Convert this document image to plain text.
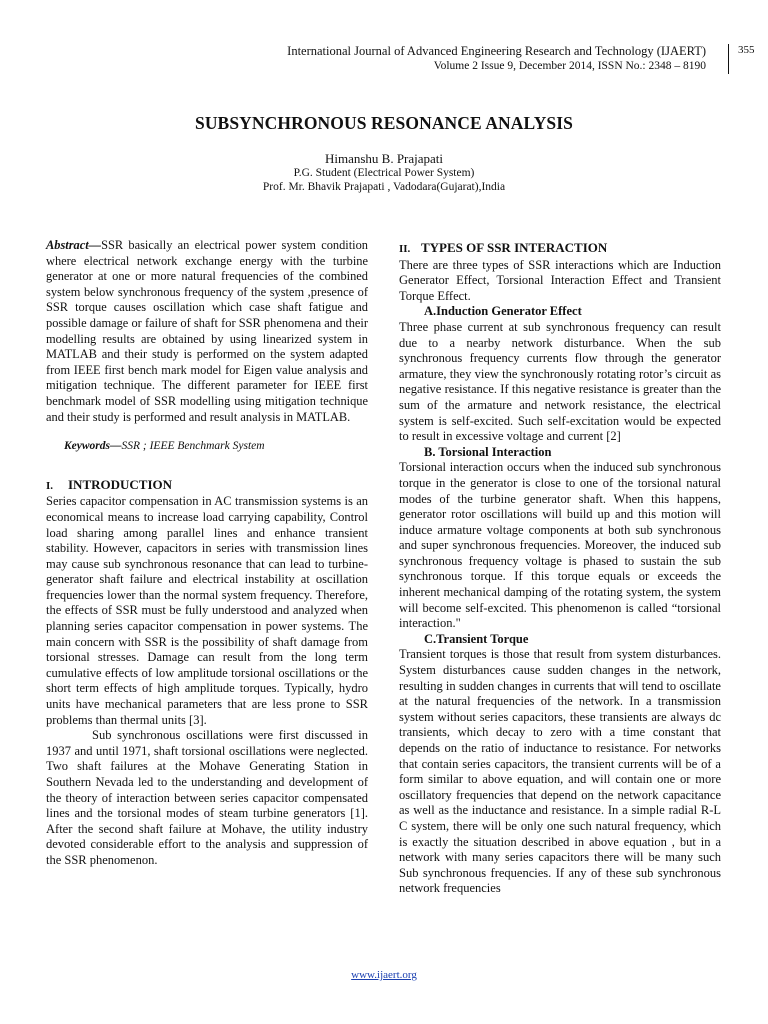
International Journal of Advanced Engineering Research and Technology (IJAERT)
Volume 2 Issue 9, December 2014, ISSN No.: 2348 – 8190
355
SUBSYNCHRONOUS RESONANCE ANALYSIS
Himanshu B. Prajapati
P.G. Student (Electrical Power System)
Prof. Mr. Bhavik Prajapati , Vadodara(Gujarat),India

Abstract—SSR basically an electrical power system condition where electrical network exchange energy with the turbine generator at one or more natural frequencies of the combined system below synchronous frequency of the system ,presence of SSR torque causes oscillation which case shaft fatigue and possible damage or failure of shaft for SSR phenomena and their modelling results are obtained by using linearized system in MATLAB and their study is performed on the system adapted from IEEE first bench mark model for Eigen value analysis and mitigation technique. The different parameter for IEEE first benchmark model of SSR modelling using mitigation technique and their study is performed and result analysis in MATLAB.

Keywords—SSR ; IEEE Benchmark System

I. INTRODUCTION

Series capacitor compensation in AC transmission systems is an economical means to increase load carrying capability, Control load sharing among parallel lines and enhance transient stability. However, capacitors in series with transmission lines may cause sub synchronous resonance that can lead to turbine-generator shaft failure and electrical instability at oscillation frequencies lower than the normal system frequency. Therefore, the effects of SSR must be fully understood and analyzed when planning series capacitor compensation in power systems. The main concern with SSR is the possibility of shaft damage from torsional stresses. Damage can result from the long term cumulative effects of low amplitude torsional oscillations or the short term effects of high amplitude torques. Typically, hydro units have mechanical parameters that are less prone to SSR problems than thermal units [3].

Sub synchronous oscillations were first discussed in 1937 and until 1971, shaft torsional oscillations were neglected. Two shaft failures at the Mohave Generating Station in Southern Nevada led to the understanding and development of the theory of interaction between series capacitor compensated lines and the torsional modes of steam turbine generators [1]. After the second shaft failure at Mohave, the utility industry devoted considerable effort to the analysis and suppression of the SSR phenomenon.

II. TYPES OF SSR INTERACTION

There are three types of SSR interactions which are Induction Generator Effect, Torsional Interaction Effect and Transient Torque Effect.

A.Induction Generator Effect

Three phase current at sub synchronous frequency can result due to a nearby network disturbance. When the sub synchronous frequency currents flow through the generator armature, they view the synchronously rotating rotor’s circuit as negative resistance. If this negative resistance is greater than the sum of the armature and network resistance, the electrical system is self-excited. Such self-excitation would be expected to result in excessive voltage and current [2]

B. Torsional Interaction

Torsional interaction occurs when the induced sub synchronous torque in the generator is close to one of the torsional natural modes of the turbine generator shaft. When this happens, generator rotor oscillations will build up and this motion will induce armature voltage components at both sub synchronous and super synchronous frequencies. Moreover, the induced sub synchronous frequency voltage is phased to sustain the sub synchronous torque. If this torque equals or exceeds the inherent mechanical damping of the rotating system, the system will become self-excited. This phenomenon is called “torsional interaction."

C.Transient Torque

Transient torques is those that result from system disturbances. System disturbances cause sudden changes in the network, resulting in sudden changes in currents that will tend to oscillate at the natural frequencies of the network. In a transmission system without series capacitors, these transients are always dc transients, which decay to zero with a time constant that depends on the ratio of inductance to resistance. For networks that contain series capacitors, the transient currents will be of a form similar to above equation, and will contain one or more oscillatory frequencies that depend on the network capacitance as well as the inductance and resistance. In a simple radial R-L C system, there will be only one such natural frequency, which is exactly the situation described in above equation , but in a network with many series capacitors there will be many such Sub synchronous frequencies. If any of these sub synchronous network frequencies

www.ijaert.org
